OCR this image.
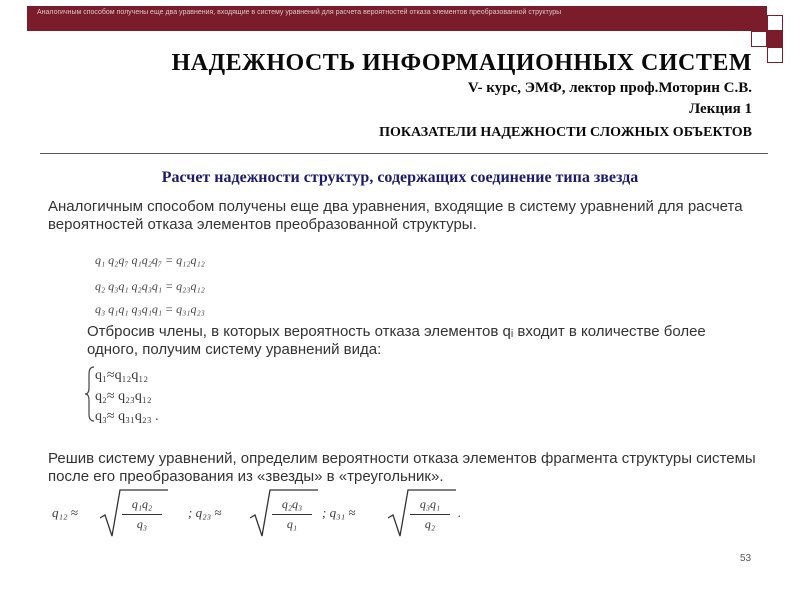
Аналогичным способом получены еще два уравнения, входящие в систему уравнений для расчета вероятностей отказа элементов преобразованной структуры
НАДЕЖНОСТЬ ИНФОРМАЦИОННЫХ СИСТЕМ
V- курс, ЭМФ, лектор проф.Моторин С.В.
Лекция 1
ПОКАЗАТЕЛИ НАДЕЖНОСТИ СЛОЖНЫХ ОБЪЕКТОВ
Расчет надежности структур, содержащих соединение типа звезда
Аналогичным способом получены еще два уравнения, входящие в систему уравнений для расчета вероятностей отказа элементов преобразованной структуры.
q₁ q₂q₇ q₁q₂q₇ = q₁₂q₁₂
q₂ q₃q₁ q₂q₃q₁ = q₂₃q₁₂
q₃ q₁q₁ q₃q₁q₁ = q₃₁q₂₃
Отбросив члены, в которых вероятность отказа элементов qᵢ входит в количестве более одного, получим систему уравнений вида:
q₁≈q₁₂q₁₂
q₂≈ q₂₃q₁₂
q₃≈ q₃₁q₂₃ .
Решив систему уравнений, определим вероятности отказа элементов фрагмента структуры системы после его преобразования из «звезды» в «треугольник».
q₁₂ ≈
q₁q₂
q₃
; q₂₃ ≈
q₂q₃
q₁
; q₃₁ ≈
q₃q₁
q₂
.
53
